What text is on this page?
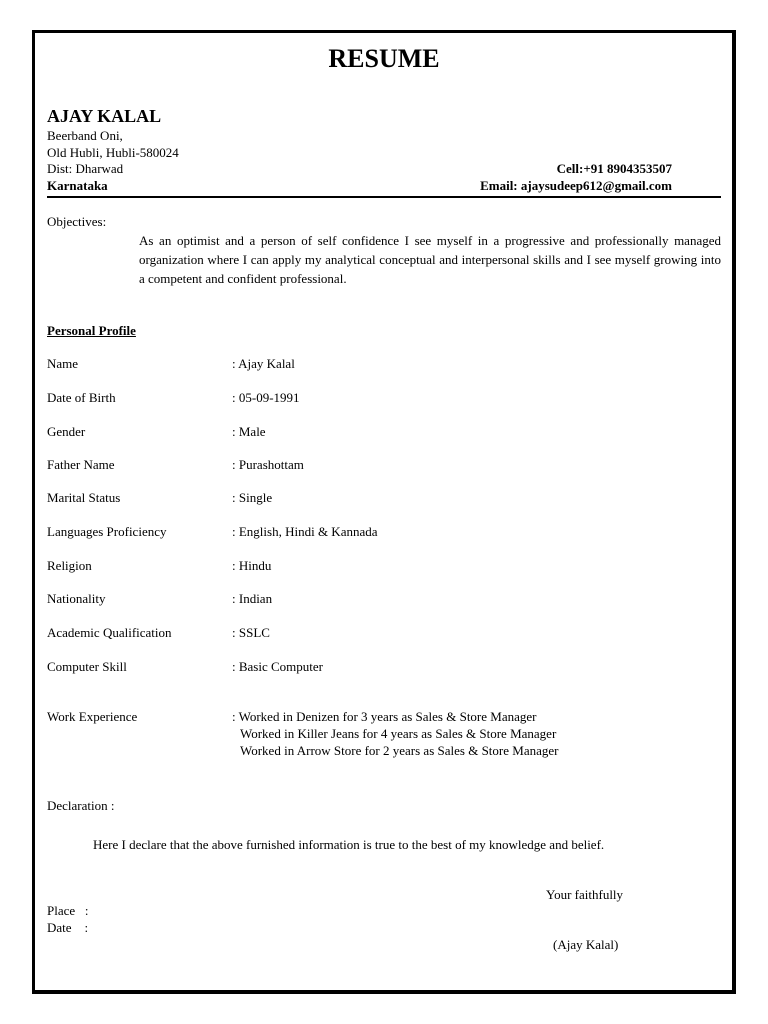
RESUME
AJAY KALAL
Beerband Oni,
Old Hubli, Hubli-580024
Dist: Dharwad
Karnataka
Cell:+91 8904353507
Email: ajaysudeep612@gmail.com
Objectives:
As an optimist and a person of self confidence I see myself in a progressive and professionally managed organization where I can apply my analytical conceptual and interpersonal skills and I see myself growing into a competent and confident professional.
Personal Profile
Name	: Ajay Kalal
Date of Birth	: 05-09-1991
Gender	: Male
Father Name	: Purashottam
Marital Status	: Single
Languages Proficiency	: English, Hindi & Kannada
Religion	: Hindu
Nationality	: Indian
Academic Qualification	: SSLC
Computer Skill	: Basic Computer
Work Experience	: Worked in Denizen for 3 years as Sales & Store Manager
Worked in Killer Jeans for 4 years as Sales & Store Manager
Worked in Arrow Store for 2 years as Sales & Store Manager
Declaration :
Here I declare that the above furnished information is true to the best of my knowledge and belief.
Your faithfully
Place   :
Date    :
(Ajay Kalal)
